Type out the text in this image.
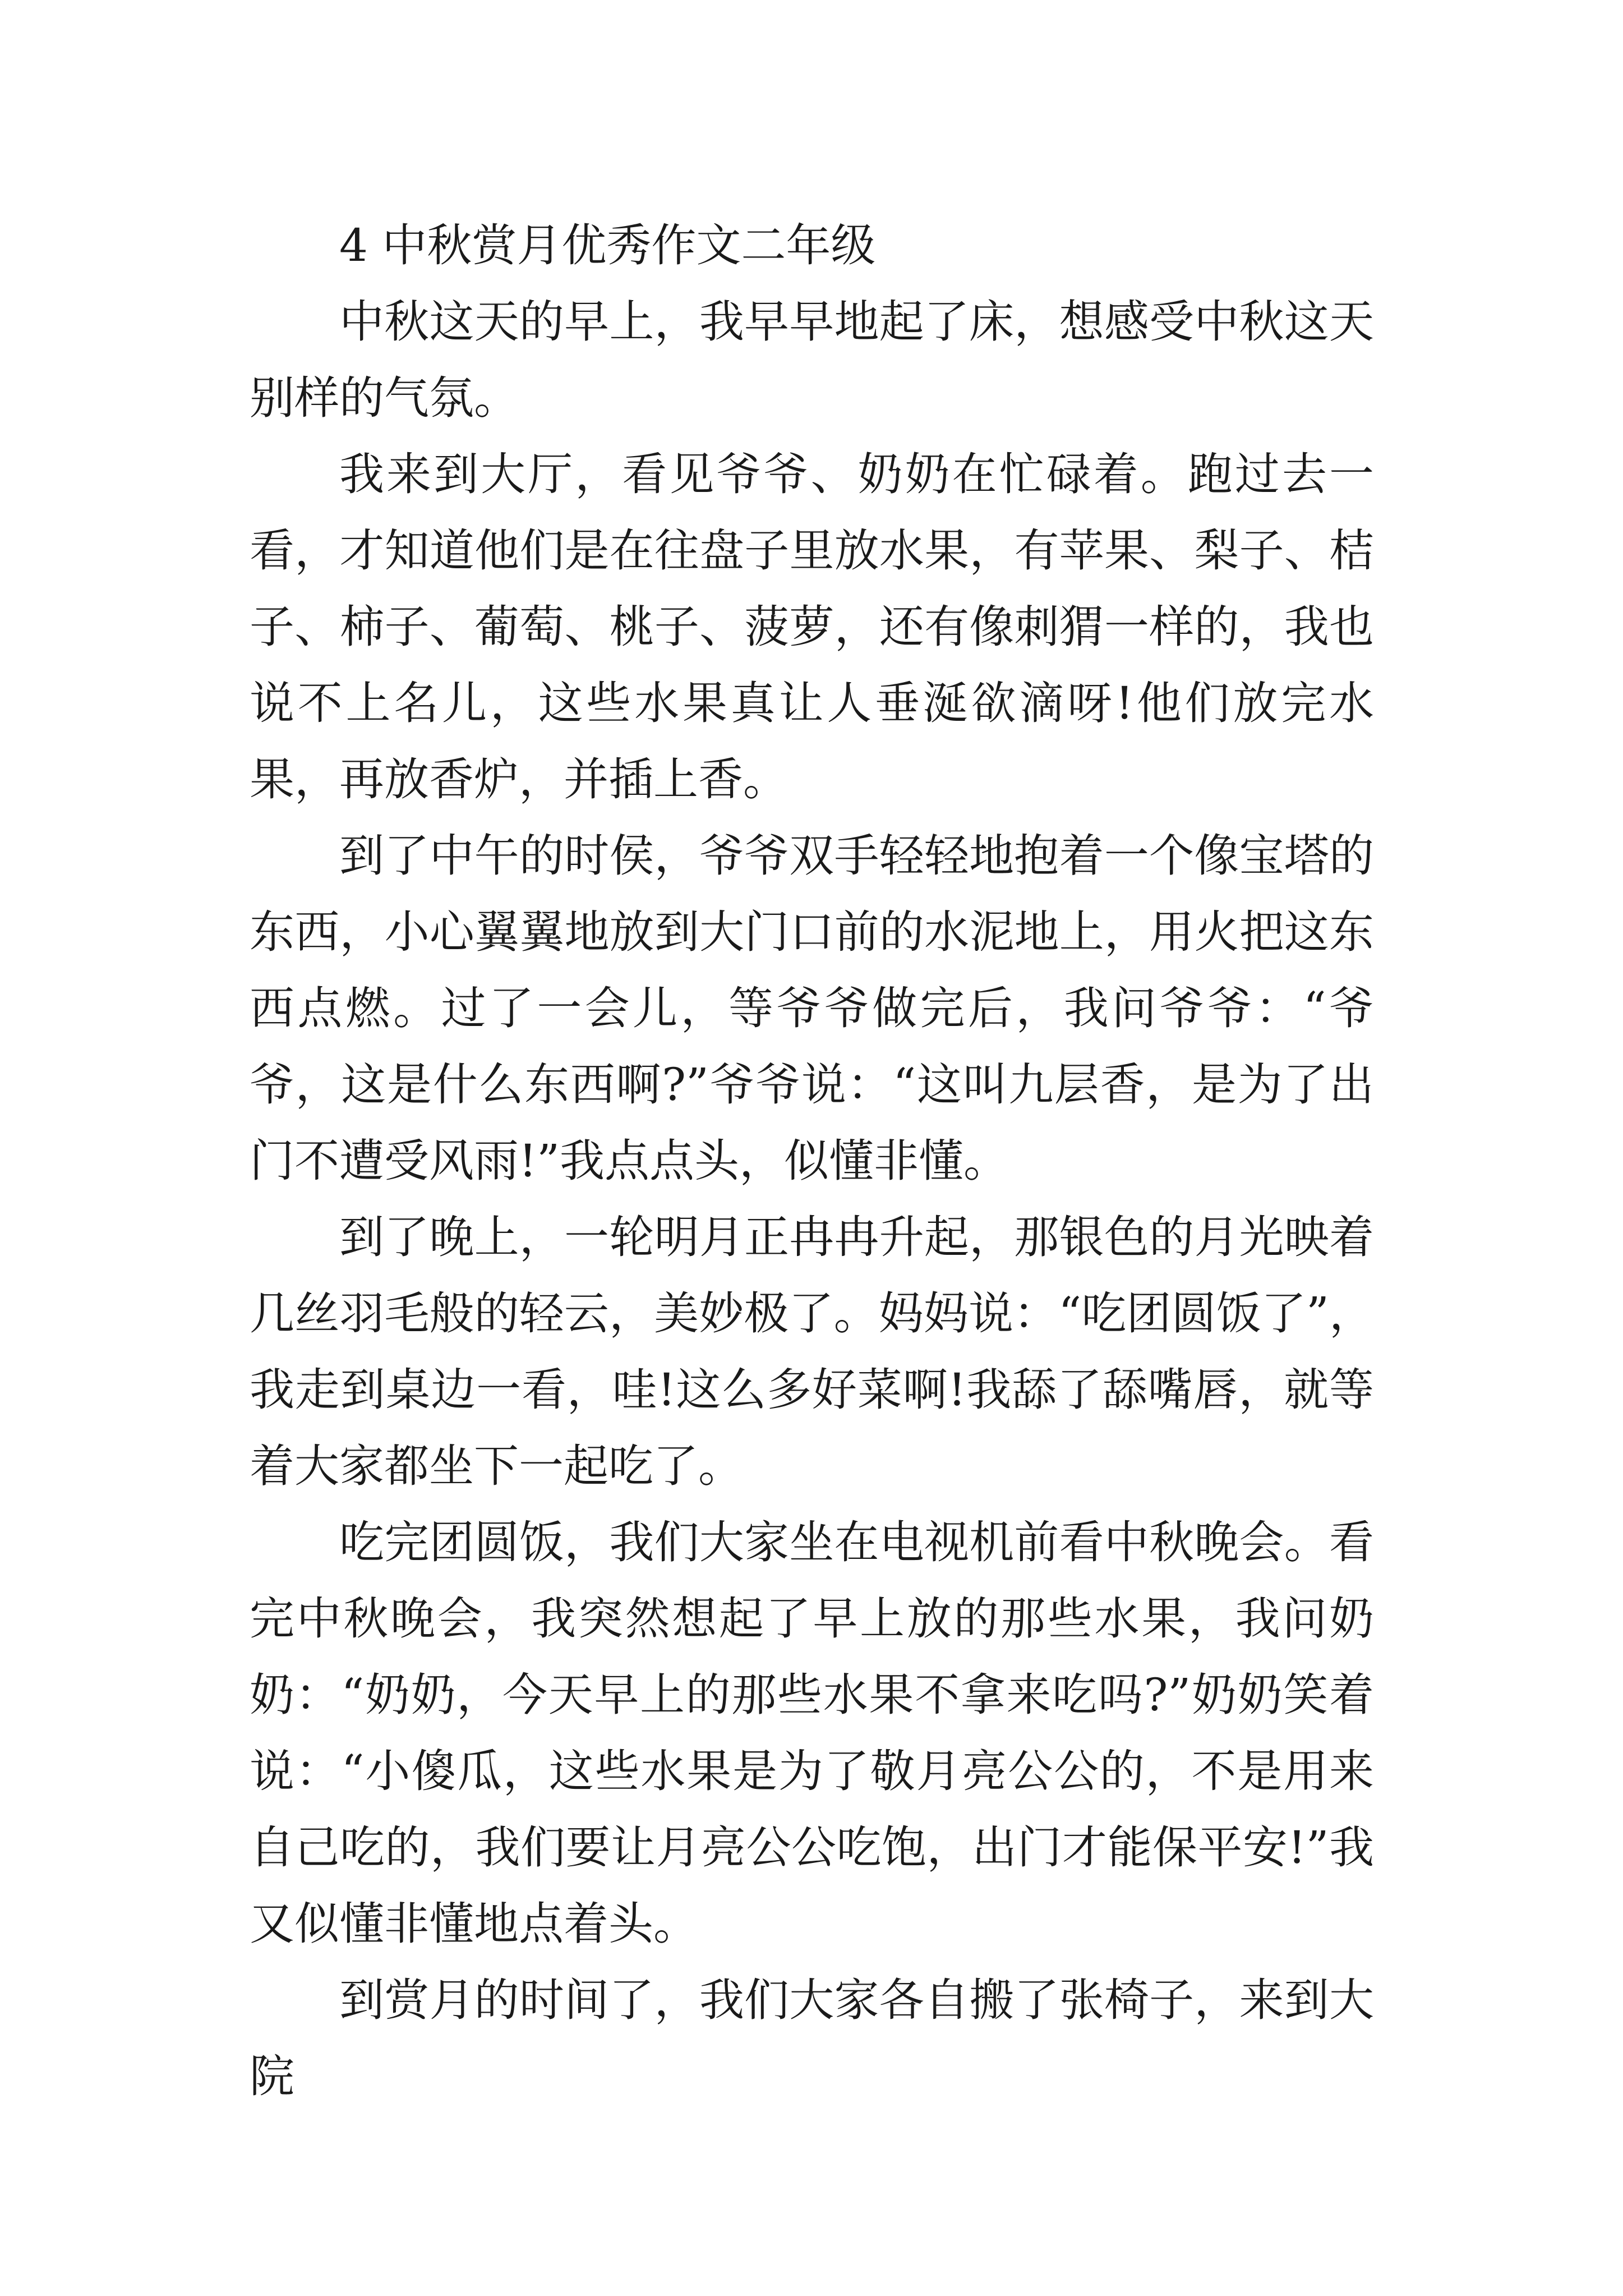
4 中秋赏月优秀作文二年级

中秋这天的早上，我早早地起了床，想感受中秋这天别样的气氛。

我来到大厅，看见爷爷、奶奶在忙碌着。跑过去一看，才知道他们是在往盘子里放水果，有苹果、梨子、桔子、柿子、葡萄、桃子、菠萝，还有像刺猬一样的，我也说不上名儿，这些水果真让人垂涎欲滴呀!他们放完水果，再放香炉，并插上香。

到了中午的时侯，爷爷双手轻轻地抱着一个像宝塔的东西，小心翼翼地放到大门口前的水泥地上，用火把这东西点燃。过了一会儿，等爷爷做完后，我问爷爷：“爷爷，这是什么东西啊?”爷爷说：“这叫九层香，是为了出门不遭受风雨!”我点点头，似懂非懂。

到了晚上，一轮明月正冉冉升起，那银色的月光映着几丝羽毛般的轻云，美妙极了。妈妈说：“吃团圆饭了”，我走到桌边一看，哇!这么多好菜啊!我舔了舔嘴唇，就等着大家都坐下一起吃了。

吃完团圆饭，我们大家坐在电视机前看中秋晚会。看完中秋晚会，我突然想起了早上放的那些水果，我问奶奶：“奶奶，今天早上的那些水果不拿来吃吗?”奶奶笑着说：“小傻瓜，这些水果是为了敬月亮公公的，不是用来自己吃的，我们要让月亮公公吃饱，出门才能保平安!”我又似懂非懂地点着头。

到赏月的时间了，我们大家各自搬了张椅子，来到大院
